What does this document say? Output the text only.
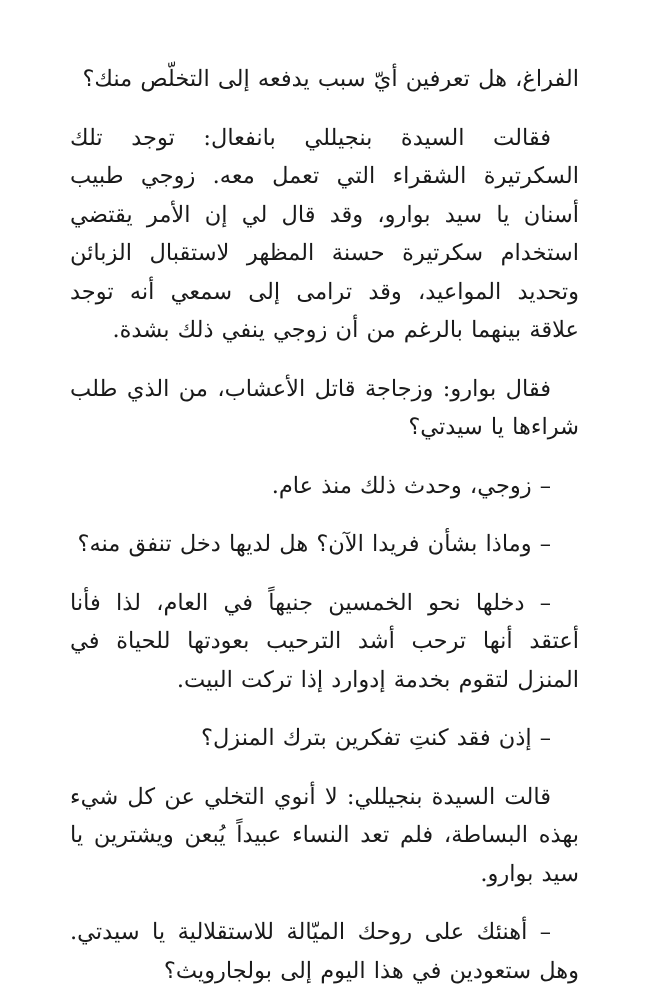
الفراغ، هل تعرفين أيّ سبب يدفعه إلى التخلّص منك؟

فقالت السيدة بنجيللي بانفعال: توجد تلك السكرتيرة الشقراء التي تعمل معه. زوجي طبيب أسنان يا سيد بوارو، وقد قال لي إن الأمر يقتضي استخدام سكرتيرة حسنة المظهر لاستقبال الزبائن وتحديد المواعيد، وقد ترامى إلى سمعي أنه توجد علاقة بينهما بالرغم من أن زوجي ينفي ذلك بشدة.

فقال بوارو: وزجاجة قاتل الأعشاب، من الذي طلب شراءها يا سيدتي؟

– زوجي، وحدث ذلك منذ عام.

– وماذا بشأن فريدا الآن؟ هل لديها دخل تنفق منه؟

– دخلها نحو الخمسين جنيهاً في العام، لذا فأنا أعتقد أنها ترحب أشد الترحيب بعودتها للحياة في المنزل لتقوم بخدمة إدوارد إذا تركت البيت.

– إذن فقد كنتِ تفكرين بترك المنزل؟

قالت السيدة بنجيللي: لا أنوي التخلي عن كل شيء بهذه البساطة، فلم تعد النساء عبيداً يُبعن ويشترين يا سيد بوارو.

– أهنئك على روحك الميّالة للاستقلالية يا سيدتي. وهل ستعودين في هذا اليوم إلى بولجارويث؟
